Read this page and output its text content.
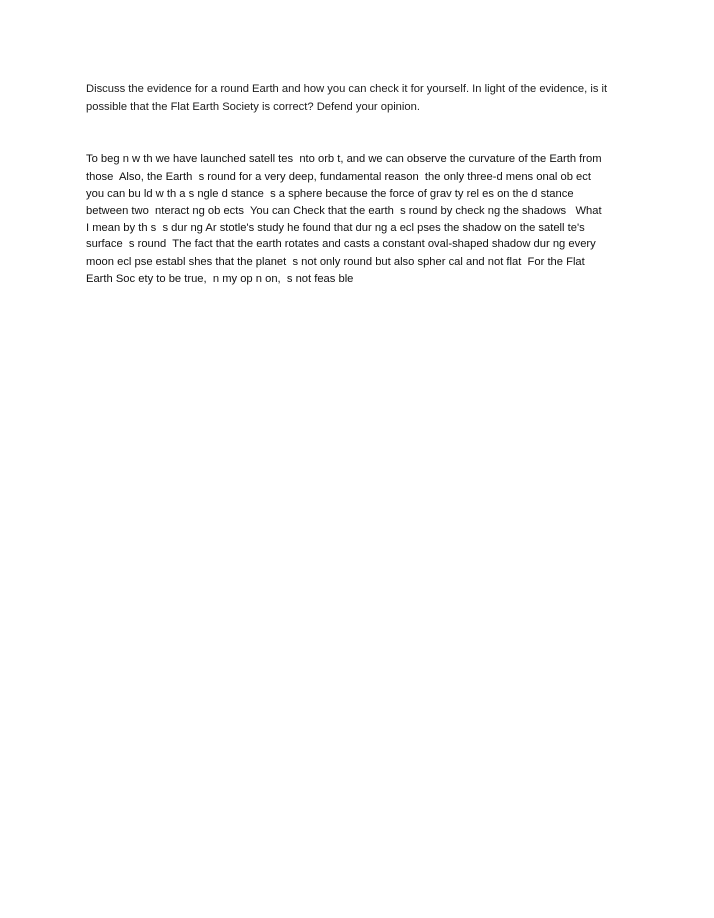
Discuss the evidence for a round Earth and how you can check it for yourself. In light of the evidence, is it
possible that the Flat Earth Society is correct? Defend your opinion.
To beg n w th we have launched satell tes  nto orb t, and we can observe the curvature of the Earth from
those  Also, the Earth  s round for a very deep, fundamental reason  the only three-d mens onal ob ect
you can bu ld w th a s ngle d stance  s a sphere because the force of grav ty rel es on the d stance
between two  nteract ng ob ects  You can Check that the earth  s round by check ng the shadows   What
I mean by th s  s dur ng Ar stotle's study he found that dur ng a ecl pses the shadow on the satell te's
surface  s round  The fact that the earth rotates and casts a constant oval-shaped shadow dur ng every
moon ecl pse establ shes that the planet  s not only round but also spher cal and not flat  For the Flat
Earth Soc ety to be true,  n my op n on,  s not feas ble
